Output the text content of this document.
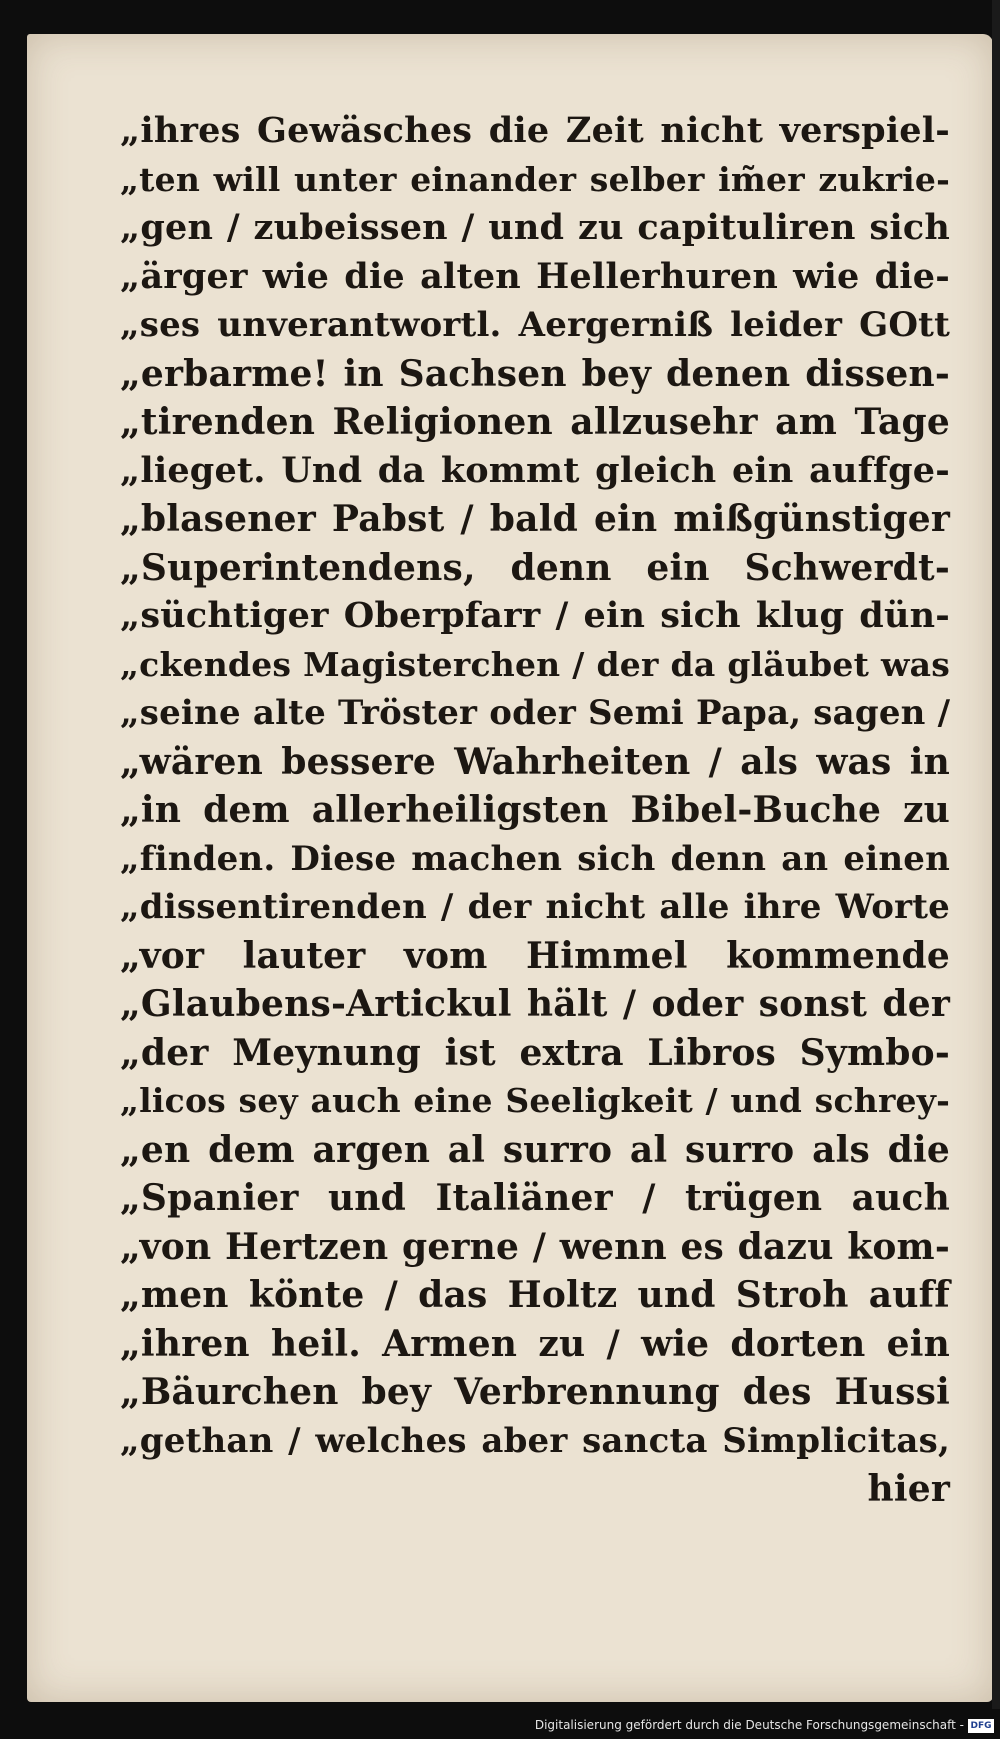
„ihres Gewäsches die Zeit nicht verspiel-
„ten will unter einander selber im̃er zukrie-
„gen / zubeissen / und zu capituliren sich
„ärger wie die alten Hellerhuren wie die-
„ses unverantwortl. Aergerniß leider GOtt
„erbarme! in Sachsen bey denen dissen-
„tirenden Religionen allzusehr am Tage
„lieget. Und da kommt gleich ein auffge-
„blasener Pabst / bald ein mißgünstiger
„Superintendens, denn ein Schwerdt-
„süchtiger Oberpfarr / ein sich klug dün-
„ckendes Magisterchen / der da gläubet was
„seine alte Tröster oder Semi Papa, sagen /
„wären bessere Wahrheiten / als was in
„in dem allerheiligsten Bibel-Buche zu
„finden. Diese machen sich denn an einen
„dissentirenden / der nicht alle ihre Worte
„vor lauter vom Himmel kommende
„Glaubens-Artickul hält / oder sonst der
„der Meynung ist extra Libros Symbo-
„licos sey auch eine Seeligkeit / und schrey-
„en dem argen al surro al surro als die
„Spanier und Italiäner / trügen auch
„von Hertzen gerne / wenn es dazu kom-
„men könte / das Holtz und Stroh auff
„ihren heil. Armen zu / wie dorten ein
„Bäurchen bey Verbrennung des Hussi
„gethan / welches aber sancta Simplicitas,
hier
Digitalisierung gefördert durch die Deutsche Forschungsgemeinschaft - DFG
